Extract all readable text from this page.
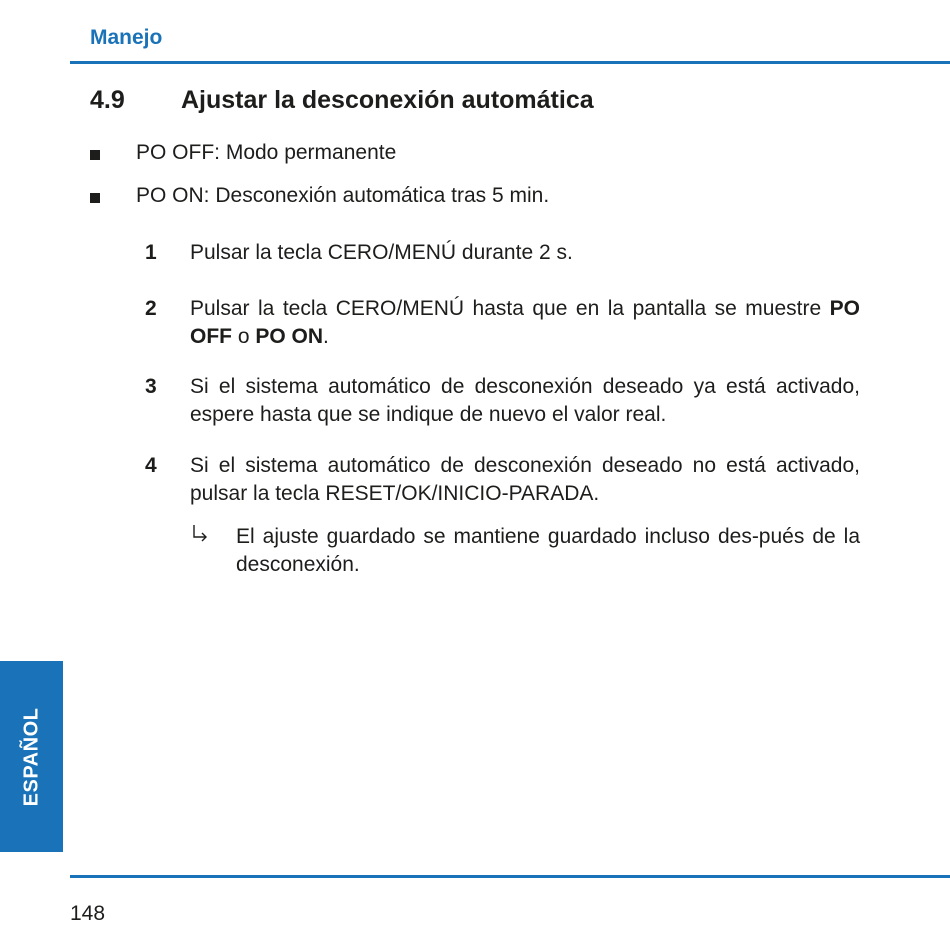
Manejo
4.9 Ajustar la desconexión automática
PO OFF: Modo permanente
PO ON: Desconexión automática tras 5 min.
1 Pulsar la tecla CERO/MENÚ durante 2 s.
2 Pulsar la tecla CERO/MENÚ hasta que en la pantalla se muestre PO OFF o PO ON.
3 Si el sistema automático de desconexión deseado ya está activado, espere hasta que se indique de nuevo el valor real.
4 Si el sistema automático de desconexión deseado no está activado, pulsar la tecla RESET/OK/INICIO-PARADA.
El ajuste guardado se mantiene guardado incluso des-pués de la desconexión.
ESPAÑOL
148
